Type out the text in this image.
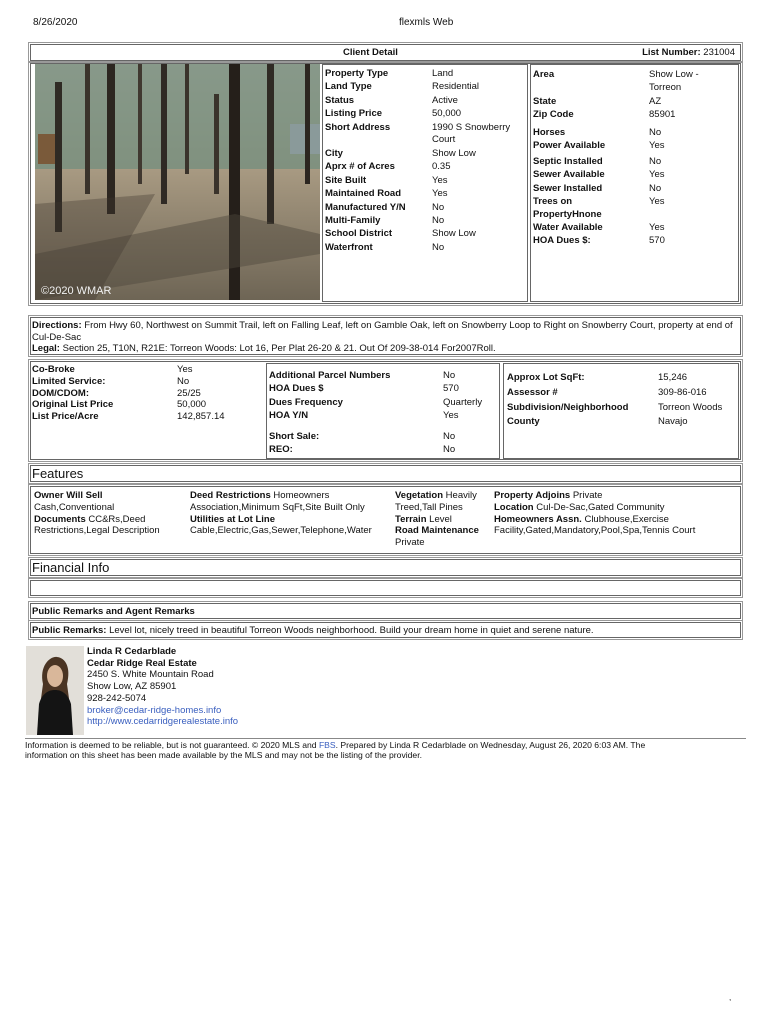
8/26/2020	flexmls Web
Client Detail	List Number: 231004
©2020 WMAR
Property Type	Land
Land Type	Residential
Status	Active
Listing Price	50,000
Short Address	1990 S Snowberry
Court
City	Show Low
Aprx # of Acres	0.35
Site Built	Yes
Maintained Road	Yes
Manufactured Y/N	No
Multi-Family	No
School District	Show Low
Waterfront	No
Area	Show Low -
Torreon
State	AZ
Zip Code	85901
Horses	No
Power Available	Yes
Septic Installed	No
Sewer Available	Yes
Sewer Installed	No
Trees on	Yes
PropertyHnone
Water Available	Yes
HOA Dues $:	570
Directions: From Hwy 60, Northwest on Summit Trail, left on Falling Leaf, left on Gamble Oak, left on Snowberry Loop to Right on Snowberry Court, property at end of Cul-De-Sac
Legal: Section 25, T10N, R21E: Torreon Woods: Lot 16, Per Plat 26-20 & 21. Out Of 209-38-014 For2007Roll.
Co-Broke	Yes
Limited Service:	No
DOM/CDOM:	25/25
Original List Price	50,000
List Price/Acre	142,857.14
Additional Parcel Numbers	No
HOA Dues $	570
Dues Frequency	Quarterly
HOA Y/N	Yes
Short Sale:	No
REO:	No
Approx Lot SqFt:	15,246
Assessor #	309-86-016
Subdivision/Neighborhood	Torreon Woods
County	Navajo
Features
Owner Will Sell
Cash,Conventional
Documents CC&Rs,Deed
Restrictions,Legal Description
Deed Restrictions Homeowners
Association,Minimum SqFt,Site Built Only
Utilities at Lot Line
Cable,Electric,Gas,Sewer,Telephone,Water
Vegetation Heavily
Treed,Tall Pines
Terrain Level
Road Maintenance
Private
Property Adjoins Private
Location Cul-De-Sac,Gated Community
Homeowners Assn. Clubhouse,Exercise
Facility,Gated,Mandatory,Pool,Spa,Tennis Court
Financial Info
Public Remarks and Agent Remarks
Public Remarks: Level lot, nicely treed in beautiful Torreon Woods neighborhood. Build your dream home in quiet and serene nature.
Linda R Cedarblade
Cedar Ridge Real Estate
2450 S. White Mountain Road
Show Low, AZ 85901
928-242-5074
broker@cedar-ridge-homes.info
http://www.cedarridgerealestate.info
Information is deemed to be reliable, but is not guaranteed. © 2020 MLS and FBS. Prepared by Linda R Cedarblade on Wednesday, August 26, 2020 6:03 AM. The
information on this sheet has been made available by the MLS and may not be the listing of the provider.
,
